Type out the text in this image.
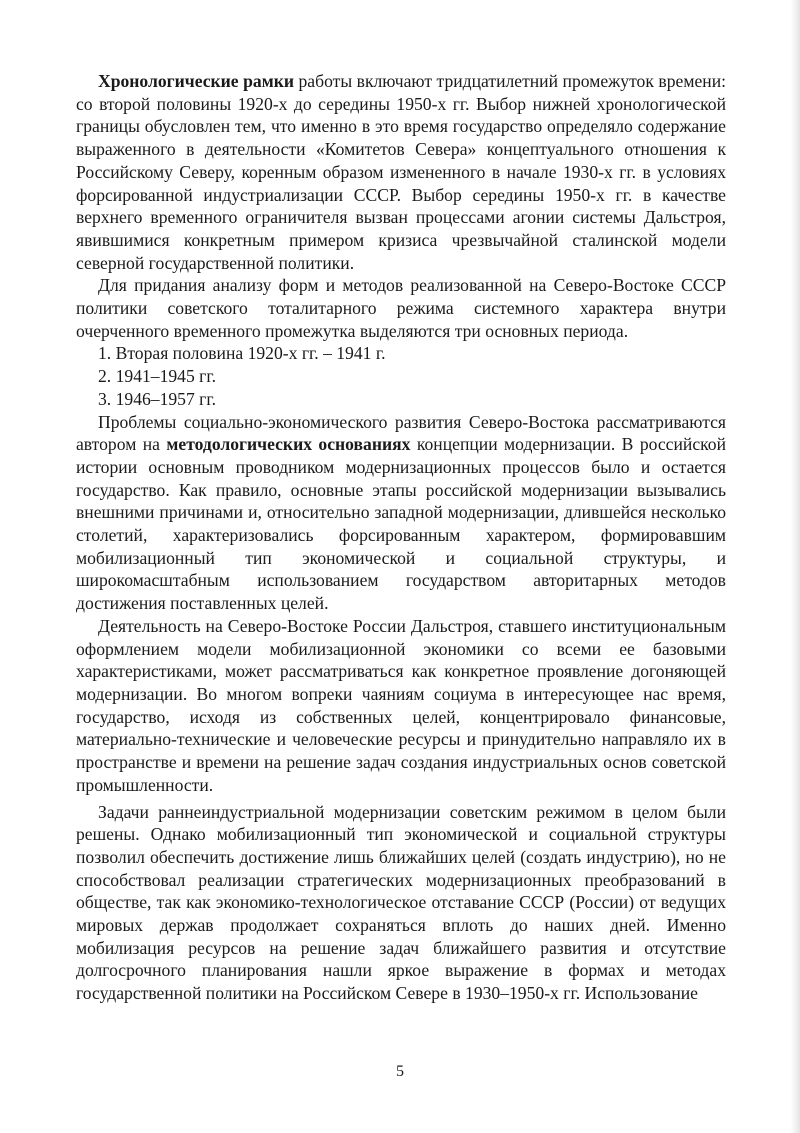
Хронологические рамки работы включают тридцатилетний промежуток времени: со второй половины 1920-х до середины 1950-х гг. Выбор нижней хронологической границы обусловлен тем, что именно в это время государство определяло содержание выраженного в деятельности «Комитетов Севера» концептуального отношения к Российскому Северу, коренным образом измененного в начале 1930-х гг. в условиях форсированной индустриализации СССР. Выбор середины 1950-х гг. в качестве верхнего временного ограничителя вызван процессами агонии системы Дальстроя, явившимися конкретным примером кризиса чрезвычайной сталинской модели северной государственной политики.

Для придания анализу форм и методов реализованной на Северо-Востоке СССР политики советского тоталитарного режима системного характера внутри очерченного временного промежутка выделяются три основных периода.

1. Вторая половина 1920-х гг. – 1941 г.

2. 1941–1945 гг.

3. 1946–1957 гг.

Проблемы социально-экономического развития Северо-Востока рассматриваются автором на методологических основаниях концепции модернизации. В российской истории основным проводником модернизационных процессов было и остается государство. Как правило, основные этапы российской модернизации вызывались внешними причинами и, относительно западной модернизации, длившейся несколько столетий, характеризовались форсированным характером, формировавшим мобилизационный тип экономической и социальной структуры, и широкомасштабным использованием государством авторитарных методов достижения поставленных целей.

Деятельность на Северо-Востоке России Дальстроя, ставшего институциональным оформлением модели мобилизационной экономики со всеми ее базовыми характеристиками, может рассматриваться как конкретное проявление догоняющей модернизации. Во многом вопреки чаяниям социума в интересующее нас время, государство, исходя из собственных целей, концентрировало финансовые, материально-технические и человеческие ресурсы и принудительно направляло их в пространстве и времени на решение задач создания индустриальных основ советской промышленности.

Задачи раннеиндустриальной модернизации советским режимом в целом были решены. Однако мобилизационный тип экономической и социальной структуры позволил обеспечить достижение лишь ближайших целей (создать индустрию), но не способствовал реализации стратегических модернизационных преобразований в обществе, так как экономико-технологическое отставание СССР (России) от ведущих мировых держав продолжает сохраняться вплоть до наших дней. Именно мобилизация ресурсов на решение задач ближайшего развития и отсутствие долгосрочного планирования нашли яркое выражение в формах и методах государственной политики на Российском Севере в 1930–1950-х гг. Использование

5
